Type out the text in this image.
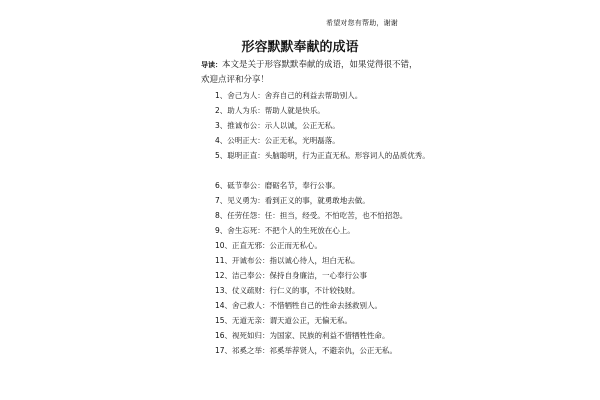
希望对您有帮助，谢谢
形容默默奉献的成语
导读：本文是关于形容默默奉献的成语，如果觉得很不错，
欢迎点评和分享！
1、舍己为人：舍弃自己的利益去帮助别人。
2、助人为乐：帮助人就是快乐。
3、推诚布公：示人以诚，公正无私。
4、公明正大：公正无私，光明磊落。
5、聪明正直：头脑聪明，行为正直无私。形容词人的品质优秀。
6、砥节奉公：磨砺名节，奉行公事。
7、见义勇为：看到正义的事，就勇敢地去做。
8、任劳任怨：任：担当，经受。不怕吃苦，也不怕招怨。
9、舍生忘死：不把个人的生死放在心上。
10、正直无邪：公正而无私心。
11、开诚布公：指以诚心待人，坦白无私。
12、洁己奉公：保持自身廉洁，一心奉行公事
13、仗义疏财：行仁义的事，不计较钱财。
14、舍己救人：不惜牺牲自己的性命去拯救别人。
15、无道无亲：谓天道公正，无偏无私。
16、视死如归：为国家、民族的利益不惜牺牲性命。
17、祁奚之举：祁奚举荐贤人，不避亲仇，公正无私。
